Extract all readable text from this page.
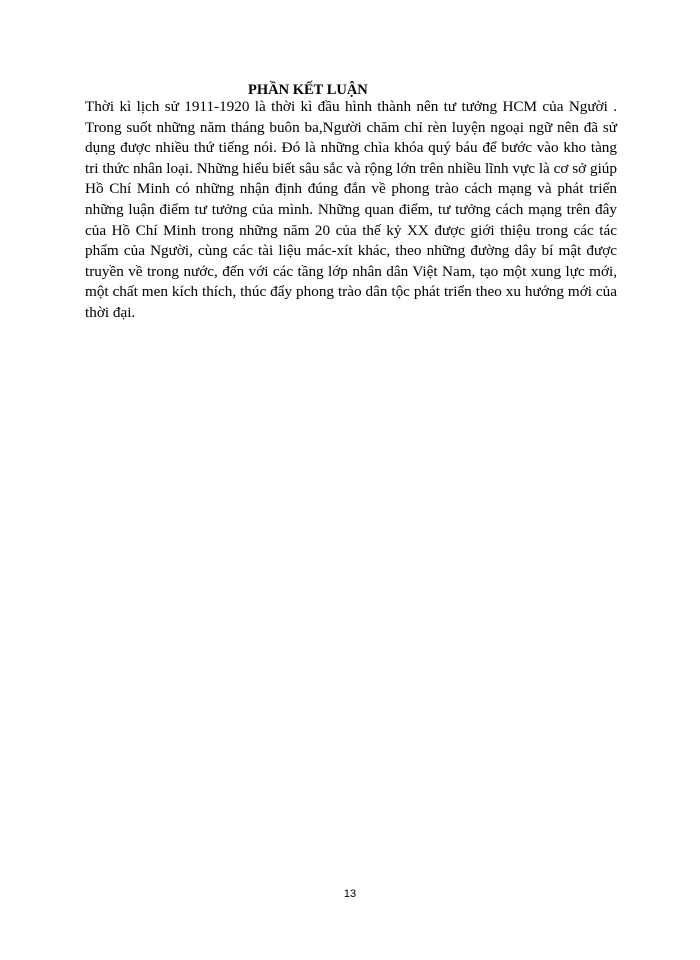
PHẦN KẾT LUẬN

Thời kì lịch sử 1911-1920 là thời kì đầu hình thành nên tư tưởng HCM của Người . Trong suốt những năm tháng buôn ba,Người chăm chỉ rèn luyện ngoại ngữ nên đã sử dụng được nhiều thứ tiếng nói. Đó là những chìa khóa quý báu để bước vào kho tàng tri thức nhân loại. Những hiểu biết sâu sắc và rộng lớn trên nhiều lĩnh vực là cơ sở giúp Hồ Chí Minh có những nhận định đúng đắn về phong trào cách mạng và phát triển những luận điểm tư tưởng của mình. Những quan điểm, tư tưởng cách mạng trên đây của Hồ Chí Minh trong những năm 20 của thế kỷ XX được giới thiệu trong các tác phẩm của Người, cùng các tài liệu mác-xít khác, theo những đường dây bí mật được truyền về trong nước, đến với các tầng lớp nhân dân Việt Nam, tạo một xung lực mới, một chất men kích thích, thúc đẩy phong trào dân tộc phát triển theo xu hướng mới của thời đại.

13
